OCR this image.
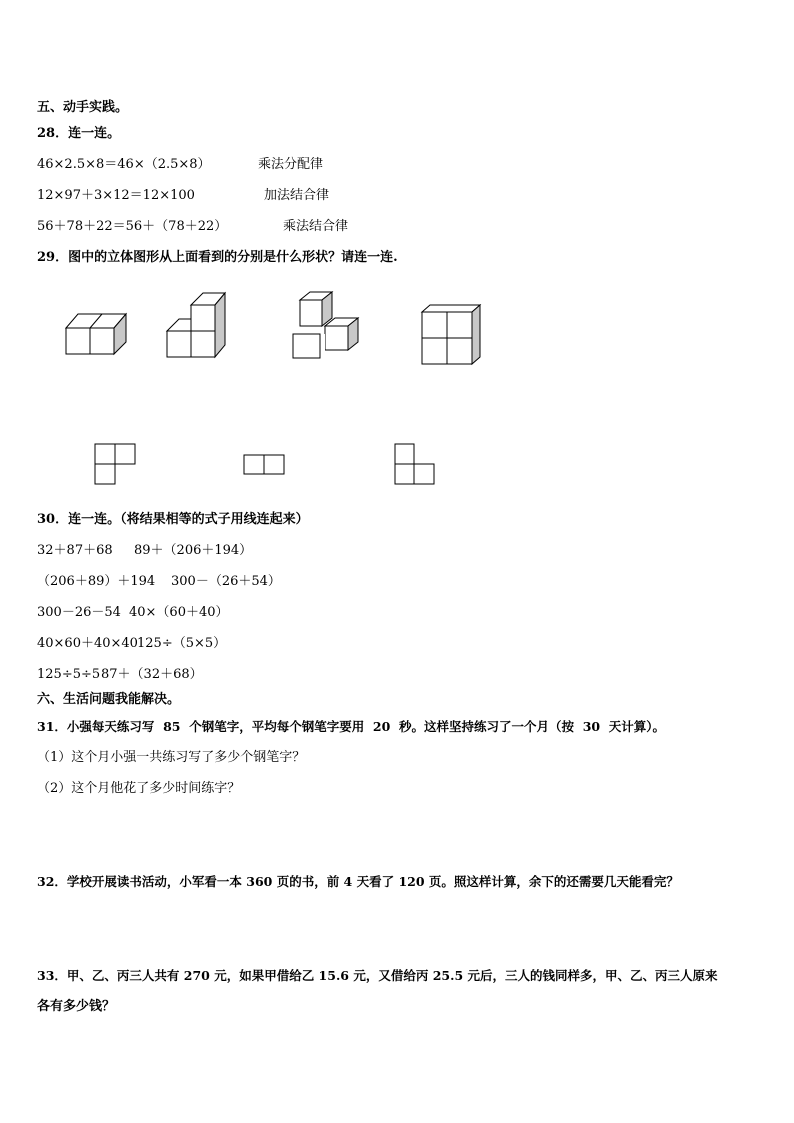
五、动手实践。
28．连一连。
46×2.5×8＝46×（2.5×8）	乘法分配律
12×97＋3×12＝12×100	加法结合律
56＋78＋22＝56＋（78＋22）	乘法结合律
29．图中的立体图形从上面看到的分别是什么形状？请连一连.
30．连一连。（将结果相等的式子用线连起来）
32＋87＋68 89＋（206＋194）
（206＋89）＋194 300－（26＋54）
300－26－54 40×（60＋40）
40×60＋40×40 125÷（5×5）
125÷5÷5 87＋（32＋68）
六、生活问题我能解决。
31．小强每天练习写  85  个钢笔字，平均每个钢笔字要用  20  秒。这样坚持练习了一个月（按  30  天计算）。
（1）这个月小强一共练习写了多少个钢笔字？
（2）这个月他花了多少时间练字？
32．学校开展读书活动，小军看一本 360 页的书，前 4 天看了 120 页。照这样计算，余下的还需要几天能看完？
33．甲、乙、丙三人共有 270 元，如果甲借给乙 15.6 元，又借给丙 25.5 元后，三人的钱同样多，甲、乙、丙三人原来
各有多少钱？
